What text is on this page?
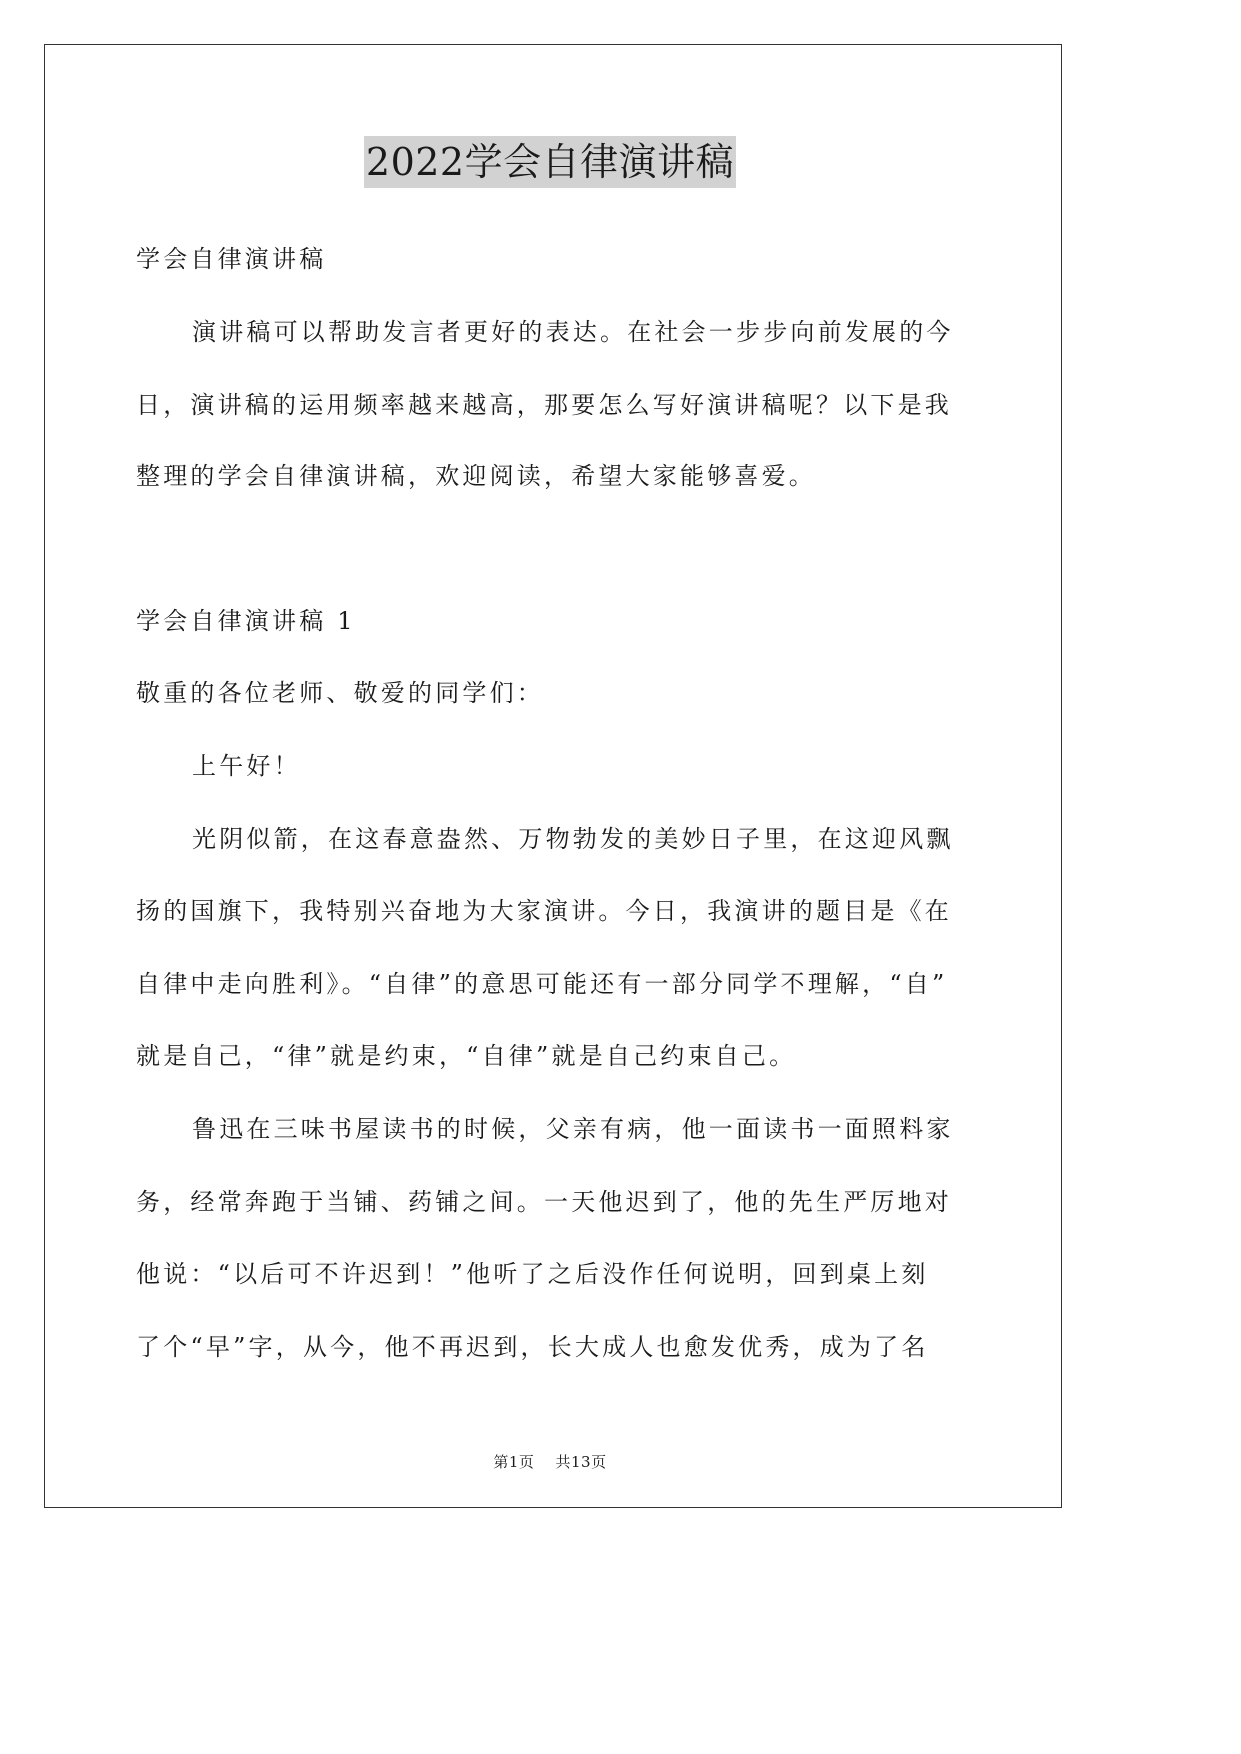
2022学会自律演讲稿
学会自律演讲稿
演讲稿可以帮助发言者更好的表达。在社会一步步向前发展的今
日，演讲稿的运用频率越来越高，那要怎么写好演讲稿呢？以下是我
整理的学会自律演讲稿，欢迎阅读，希望大家能够喜爱。
学会自律演讲稿 1
敬重的各位老师、敬爱的同学们：
上午好！
光阴似箭，在这春意盎然、万物勃发的美妙日子里，在这迎风飘
扬的国旗下，我特别兴奋地为大家演讲。今日，我演讲的题目是《在
自律中走向胜利》。“自律”的意思可能还有一部分同学不理解，“自”
就是自己，“律”就是约束，“自律”就是自己约束自己。
鲁迅在三味书屋读书的时候，父亲有病，他一面读书一面照料家
务，经常奔跑于当铺、药铺之间。一天他迟到了，他的先生严厉地对
他说：“以后可不许迟到！”他听了之后没作任何说明，回到桌上刻
了个“早”字，从今，他不再迟到，长大成人也愈发优秀，成为了名
第1页    共13页
